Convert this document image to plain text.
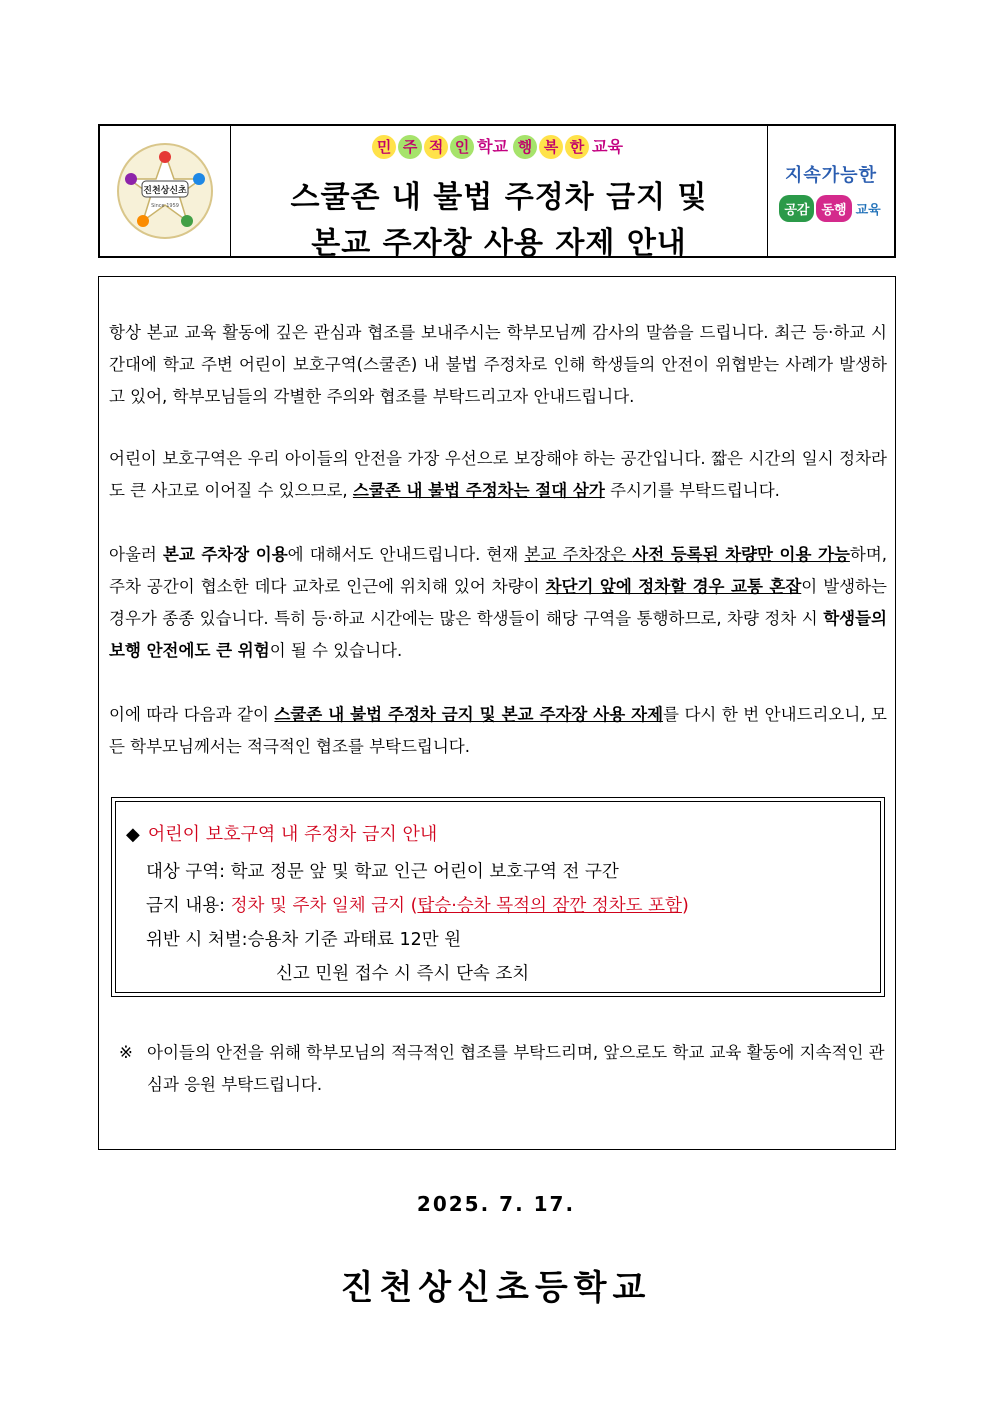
진천상신초
Since 1959
민 주 적 인 학교 행 복 한 교육
스쿨존 내 불법 주정차 금지 및
본교 주자창 사용 자제 안내
지속가능한
공감 동행 교육
항상 본교 교육 활동에 깊은 관심과 협조를 보내주시는 학부모님께 감사의 말씀을 드립니다. 최근 등·하교 시간대에 학교 주변 어린이 보호구역(스쿨존) 내 불법 주정차로 인해 학생들의 안전이 위협받는 사례가 발생하고 있어, 학부모님들의 각별한 주의와 협조를 부탁드리고자 안내드립니다.
어린이 보호구역은 우리 아이들의 안전을 가장 우선으로 보장해야 하는 공간입니다. 짧은 시간의 일시 정차라도 큰 사고로 이어질 수 있으므로, 스쿨존 내 불법 주정차는 절대 삼가 주시기를 부탁드립니다.
아울러 본교 주차장 이용에 대해서도 안내드립니다. 현재 본교 주차장은 사전 등록된 차량만 이용 가능하며, 주차 공간이 협소한 데다 교차로 인근에 위치해 있어 차량이 차단기 앞에 정차할 경우 교통 혼잡이 발생하는 경우가 종종 있습니다. 특히 등·하교 시간에는 많은 학생들이 해당 구역을 통행하므로, 차량 정차 시 학생들의 보행 안전에도 큰 위험이 될 수 있습니다.
이에 따라 다음과 같이 스쿨존 내 불법 주정차 금지 및 본교 주자장 사용 자제를 다시 한 번 안내드리오니, 모든 학부모님께서는 적극적인 협조를 부탁드립니다.
◆ 어린이 보호구역 내 주정차 금지 안내
대상 구역: 학교 정문 앞 및 학교 인근 어린이 보호구역 전 구간
금지 내용: 정차 및 주차 일체 금지 (탑승·승차 목적의 잠깐 정차도 포함)
위반 시 처벌:승용차 기준 과태료 12만 원
신고 민원 접수 시 즉시 단속 조치
※ 아이들의 안전을 위해 학부모님의 적극적인 협조를 부탁드리며, 앞으로도 학교 교육 활동에 지속적인 관심과 응원 부탁드립니다.
2025. 7. 17.
진천상신초등학교
